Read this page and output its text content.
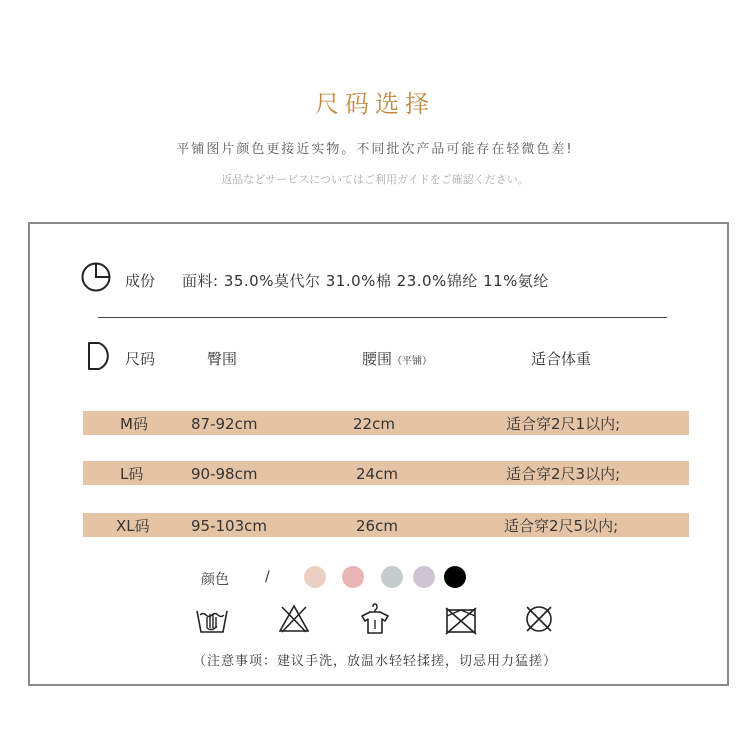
尺码选择
平铺图片颜色更接近实物。不同批次产品可能存在轻微色差!
返品などサービスについてはご利用ガイドをご確認ください。
成份 面料: 35.0%莫代尔 31.0%棉 23.0%锦纶 11%氨纶
尺码	臀围	腰围（平铺）	适合体重
M码	87-92cm	22cm	适合穿2尺1以内;
L码	90-98cm	24cm	适合穿2尺3以内;
XL码	95-103cm	26cm	适合穿2尺5以内;
颜色	/
（注意事项：建议手洗，放温水轻轻揉搓，切忌用力猛搓）
